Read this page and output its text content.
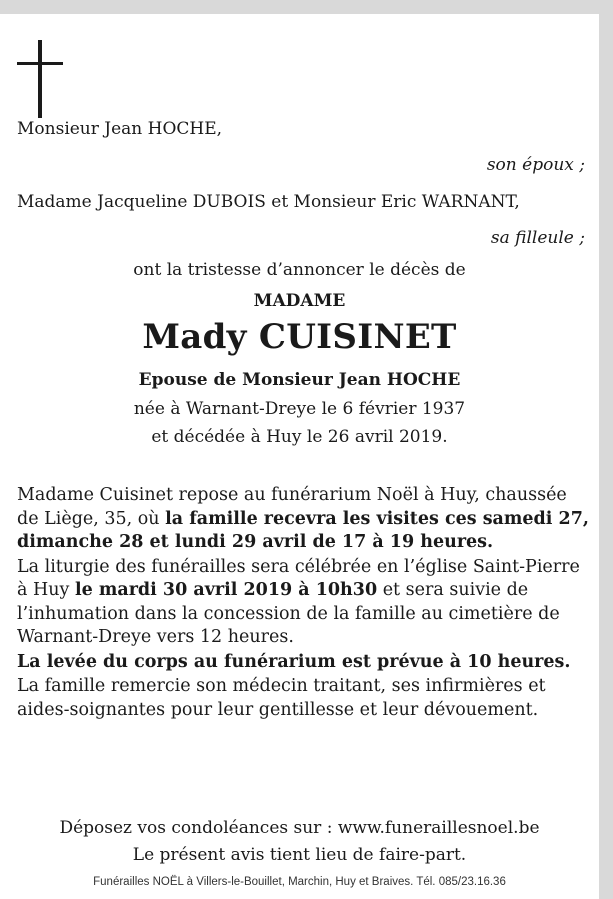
Monsieur Jean HOCHE,
son époux ;
Madame Jacqueline DUBOIS et Monsieur Eric WARNANT,
sa filleule ;
ont la tristesse d’annoncer le décès de
MADAME
Mady CUISINET
Epouse de Monsieur Jean HOCHE
née à Warnant-Dreye le 6 février 1937
et décédée à Huy le 26 avril 2019.

Madame Cuisinet repose au funérarium Noël à Huy, chaussée de Liège, 35, où la famille recevra les visites ces samedi 27, dimanche 28 et lundi 29 avril de 17 à 19 heures.

La liturgie des funérailles sera célébrée en l’église Saint-Pierre à Huy le mardi 30 avril 2019 à 10h30 et sera suivie de l’inhumation dans la concession de la famille au cimetière de Warnant-Dreye vers 12 heures.

La levée du corps au funérarium est prévue à 10 heures.

La famille remercie son médecin traitant, ses infirmières et aides-soignantes pour leur gentillesse et leur dévouement.

Déposez vos condoléances sur : www.funeraillesnoel.be
Le présent avis tient lieu de faire-part.
Funérailles NOËL à Villers-le-Bouillet, Marchin, Huy et Braives. Tél. 085/23.16.36
